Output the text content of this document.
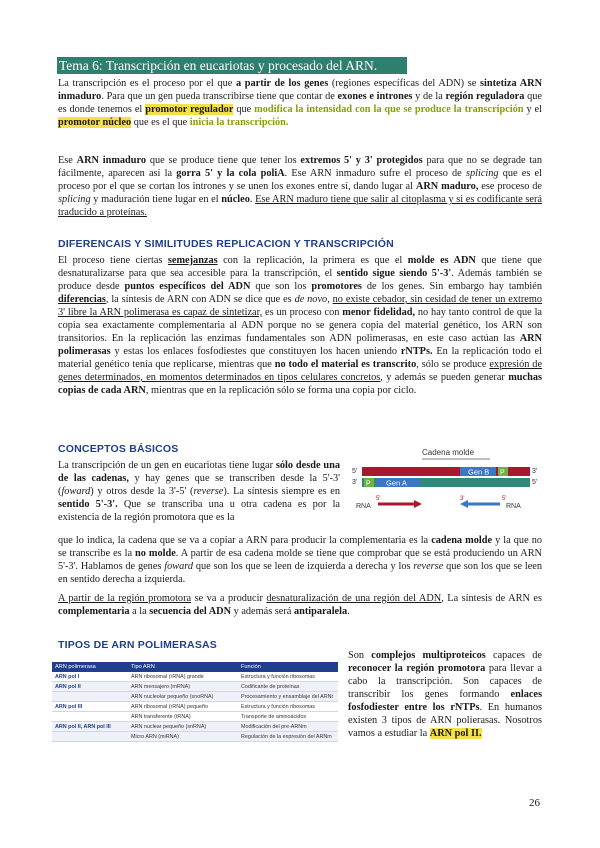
Tema 6: Transcripción en eucariotas y procesado del ARN.
La transcripción es el proceso por el que a partir de los genes (regiones específicas del ADN) se sintetiza ARN inmaduro. Para que un gen pueda transcribirse tiene que contar de exones e intrones y de la región reguladora que es donde tenemos el promotor regulador que modifica la intensidad con la que se produce la transcripción y el promotor núcleo que es el que inicia la transcripción.
Ese ARN inmaduro que se produce tiene que tener los extremos 5' y 3' protegidos para que no se degrade tan fácilmente, aparecen así la gorra 5' y la cola poliA. Ese ARN inmaduro sufre el proceso de splicing que es el proceso por el que se cortan los intrones y se unen los exones entre sí, dando lugar al ARN maduro, ese proceso de splicing y maduración tiene lugar en el núcleo. Ese ARN maduro tiene que salir al citoplasma y si es codificante será traducido a proteínas.
DIFERENCAIS Y SIMILITUDES REPLICACION Y TRANSCRIPCIÓN
El proceso tiene ciertas semejanzas con la replicación, la primera es que el molde es ADN que tiene que desnaturalizarse para que sea accesible para la transcripción, el sentido sigue siendo 5'-3'. Además también se produce desde puntos específicos del ADN que son los promotores de los genes. Sin embargo hay también diferencias, la síntesis de ARN con ADN se dice que es de novo, no existe cebador, sin cesidad de tener un extremo 3' libre la ARN polimerasa es capaz de sintetizar, es un proceso con menor fidelidad, no hay tanto control de que la copia sea exactamente complementaria al ADN porque no se genera copia del material genético, los ARN son transitorios. En la replicación las enzimas fundamentales son ADN polimerasas, en este caso actúan las ARN polimerasas y estas los enlaces fosfodiestes que constituyen los hacen uniendo rNTPs. En la replicación todo el material genético tenía que replicarse, mientras que no todo el material es transcrito, sólo se produce expresión de genes determinados, en momentos determinados en tipos celulares concretos, y además se pueden generar muchas copias de cada ARN, mientras que en la replicación sólo se forma una copia por ciclo.
CONCEPTOS BÁSICOS
La transcripción de un gen en eucariotas tiene lugar sólo desde una de las cadenas, y hay genes que se transcriben desde la 5'-3' (foward) y otros desde la 3'-5' (reverse). La síntesis siempre es en sentido 5'-3'. Que se transcriba una u otra cadena es por la existencia de la región promotora que es la
que lo indica, la cadena que se va a copiar a ARN para producir la complementaria es la cadena molde y la que no se transcribe es la no molde. A partir de esa cadena molde se tiene que comprobar que se está produciendo un ARN 5'-3'. Hablamos de genes foward que son los que se leen de izquierda a derecha y los reverse que son los que se leen en sentido derecha a izquierda.
A partir de la región promotora se va a producir desnaturalización de una región del ADN, La síntesis de ARN es complementaria a la secuencia del ADN y además será antiparalela.
Cadena molde
5'	Gen B P	3'
3' P Gen A	5'
RNA
5'	3'	5'
RNA
TIPOS DE ARN POLIMERASAS
ARN polimerasa	Tipo ARN	Función
ARN pol I	ARN ribosomal (rRNA) grande	Estructura y función ribosomas
ARN pol II	ARN mensajero (mRNA)	Codificante de proteínas
	ARN nucleolar pequeño (snoRNA)	Procesamiento y ensamblaje del ARNr
ARN pol III	ARN ribosomal (rRNA) pequeño	Estructura y función ribosomas
	ARN transferente (tRNA)	Transporte de aminoácidos
ARN pol II, ARN pol III	ARN nuclear pequeño (snRNA)	Modificación del pre-ARNm
	Micro ARN (miRNA)	Regulación de la expresión del ARNm
Son complejos multiproteicos capaces de reconocer la región promotora para llevar a cabo la transcripción. Son capaces de transcribir los genes formando enlaces fosfodiester entre los rNTPs. En humanos existen 3 tipos de ARN polierasas. Nosotros vamos a estudiar la ARN pol II.
26
